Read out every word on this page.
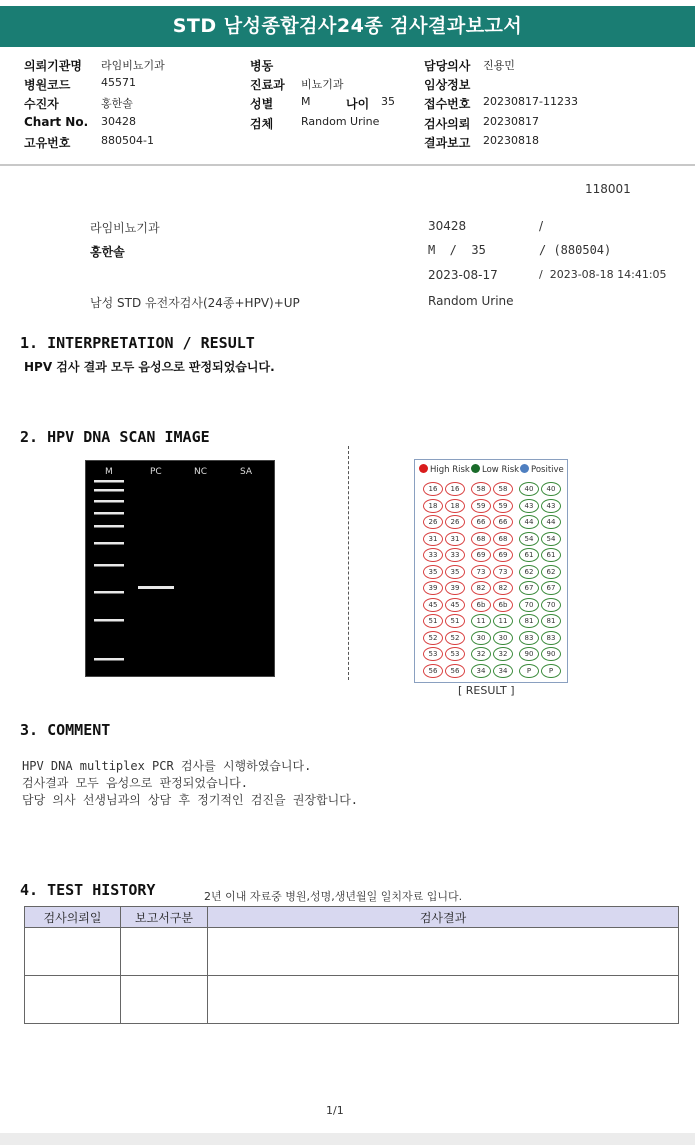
STD 남성종합검사24종 검사결과보고서
의뢰기관명 라임비뇨기과
병원코드	45571
수진자	홍한솔
Chart No. 30428
고유번호	880504-1
병동
진료과 비뇨기과
성별	M	나이 35
검체	Random Urine
담당의사 진용민
임상정보
접수번호 20230817-11233
검사의뢰 20230817
결과보고 20230818
118001
라임비뇨기과	30428	/
홍한솔	M  /  35	/ (880504)
2023-08-17	/  2023-08-18 14:41:05
남성 STD 유전자검사(24종+HPV)+UP	Random Urine
1. INTERPRETATION / RESULT
HPV 검사 결과 모두 음성으로 판정되었습니다.
2. HPV DNA SCAN IMAGE
M	PC	NC	SA	High Risk	Low Risk	Positive
16	16	58	58	40	40
18	18	59	59	43	43
26	26	66	66	44	44
31	31	68	68	54	54
33	33	69	69	61	61
35	35	73	73	62	62
39	39	82	82	67	67
45	45	6b	6b	70	70
51	51	11	11	81	81
52	52	30	30	83	83
53	53	32	32	90	90
56	56	34	34	P	P
[ RESULT ]
3. COMMENT
HPV DNA multiplex PCR 검사를 시행하였습니다.
검사결과 모두 음성으로 판정되었습니다.
담당 의사 선생님과의 상담 후 정기적인 검진을 권장합니다.
4. TEST HISTORY	2년 이내 자료중 병원,성명,생년월일 일치자료 입니다.
검사의뢰일	보고서구분	검사결과

1/1
